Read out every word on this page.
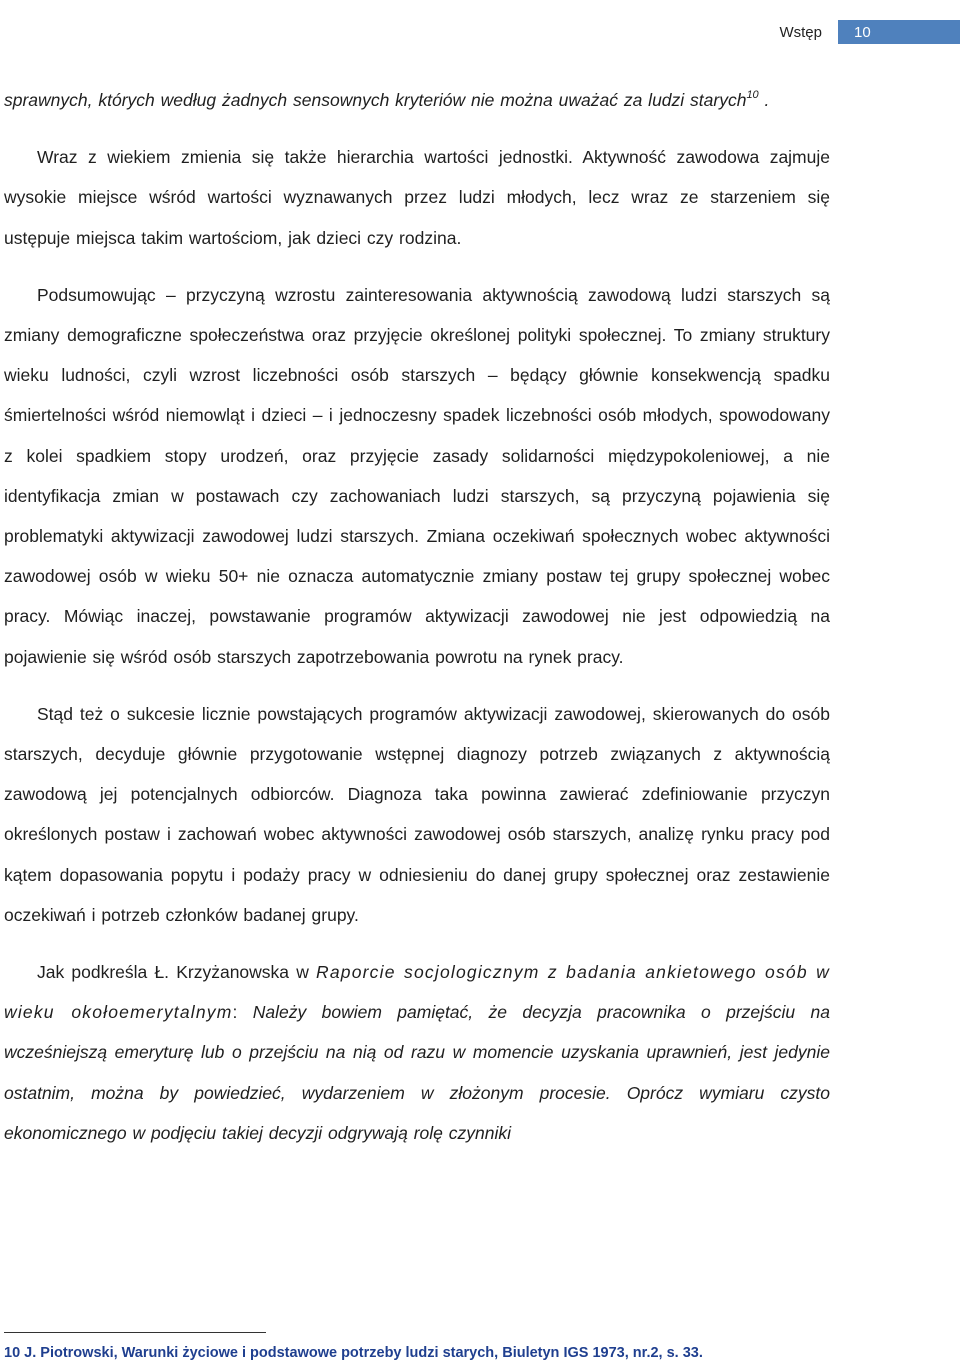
Wstęp	10

sprawnych, których według żadnych sensownych kryteriów nie można uważać za ludzi starych$^{10}$ .

Wraz z wiekiem zmienia się także hierarchia wartości jednostki. Aktywność zawodowa zajmuje wysokie miejsce wśród wartości wyznawanych przez ludzi młodych, lecz wraz ze starzeniem się ustępuje miejsca takim wartościom, jak dzieci czy rodzina.

Podsumowując – przyczyną wzrostu zainteresowania aktywnością zawodową ludzi starszych są zmiany demograficzne społeczeństwa oraz przyjęcie określonej polityki społecznej. To zmiany struktury wieku ludności, czyli wzrost liczebności osób starszych – będący głównie konsekwencją spadku śmiertelności wśród niemowląt i dzieci – i jednoczesny spadek liczebności osób młodych, spowodowany z kolei spadkiem stopy urodzeń, oraz przyjęcie zasady solidarności międzypokoleniowej, a nie identyfikacja zmian w postawach czy zachowaniach ludzi starszych, są przyczyną pojawienia się problematyki aktywizacji zawodowej ludzi starszych. Zmiana oczekiwań społecznych wobec aktywności zawodowej osób w wieku 50+ nie oznacza automatycznie zmiany postaw tej grupy społecznej wobec pracy. Mówiąc inaczej, powstawanie programów aktywizacji zawodowej nie jest odpowiedzią na pojawienie się wśród osób starszych zapotrzebowania powrotu na rynek pracy.

Stąd też o sukcesie licznie powstających programów aktywizacji zawodowej, skierowanych do osób starszych, decyduje głównie przygotowanie wstępnej diagnozy potrzeb związanych z aktywnością zawodową jej potencjalnych odbiorców. Diagnoza taka powinna zawierać zdefiniowanie przyczyn określonych postaw i zachowań wobec aktywności zawodowej osób starszych, analizę rynku pracy pod kątem dopasowania popytu i podaży pracy w odniesieniu do danej grupy społecznej oraz zestawienie oczekiwań i potrzeb członków badanej grupy.

Jak podkreśla Ł. Krzyżanowska w Raporcie socjologicznym z badania ankietowego osób w wieku okołoemerytalnym: Należy bowiem pamiętać, że decyzja pracownika o przejściu na wcześniejszą emeryturę lub o przejściu na nią od razu w momencie uzyskania uprawnień, jest jedynie ostatnim, można by powiedzieć, wydarzeniem w złożonym procesie. Oprócz wymiaru czysto ekonomicznego w podjęciu takiej decyzji odgrywają rolę czynniki

10 J. Piotrowski, Warunki życiowe i podstawowe potrzeby ludzi starych, Biuletyn IGS 1973, nr.2, s. 33.
